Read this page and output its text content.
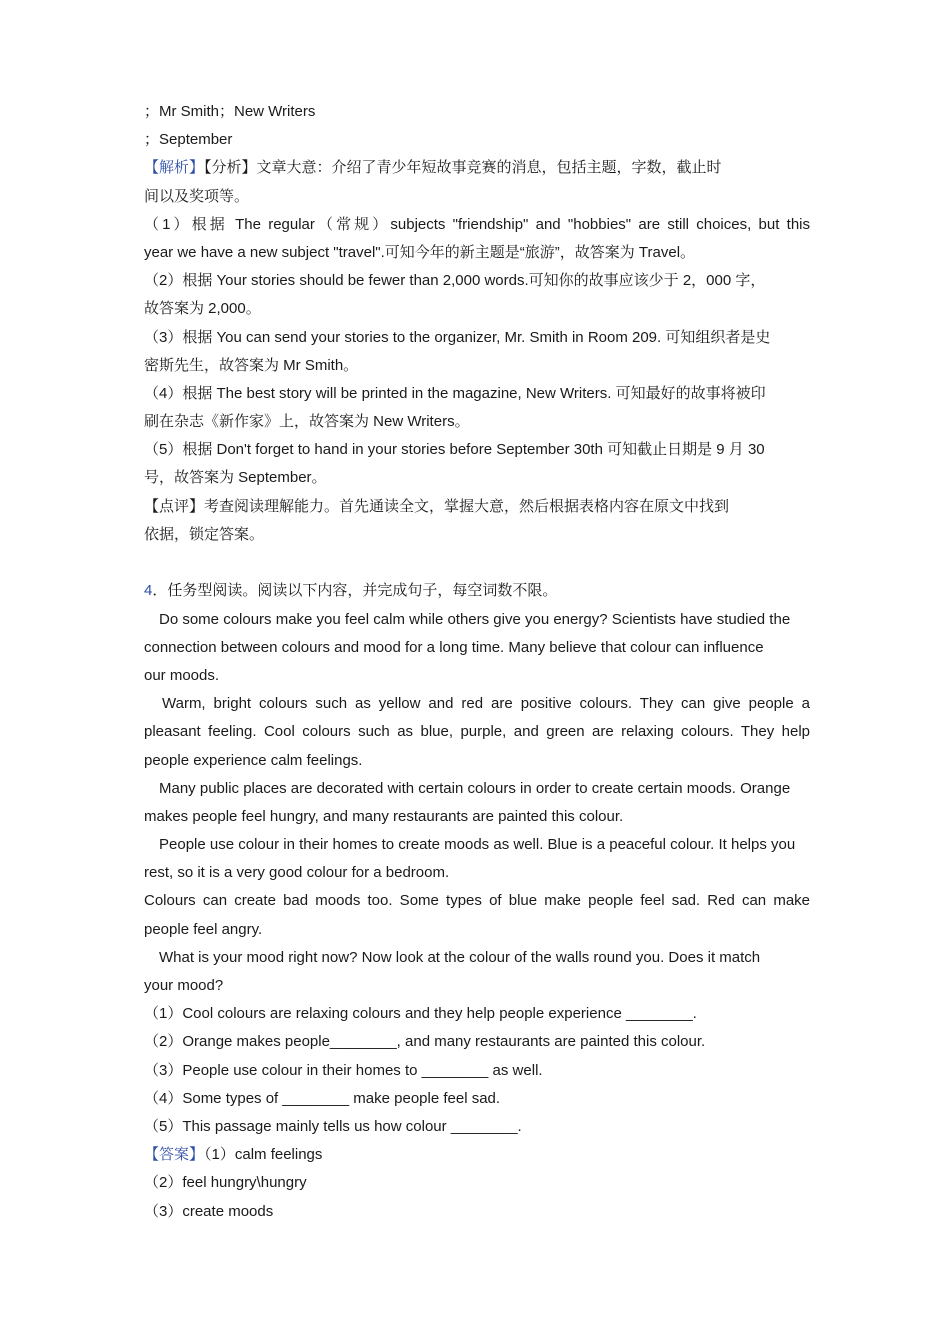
；Mr Smith；New Writers
；September
【解析】【分析】文章大意：介绍了青少年短故事竞赛的消息，包括主题，字数，截止时
间以及奖项等。
（1）根据 The regular（常规）subjects "friendship" and "hobbies" are still choices, but this
year we have a new subject "travel".可知今年的新主题是“旅游”，故答案为 Travel。
（2）根据 Your stories should be fewer than 2,000 words.可知你的故事应该少于 2，000 字，
故答案为 2,000。
（3）根据 You can send your stories to the organizer, Mr. Smith in Room 209. 可知组织者是史
密斯先生，故答案为 Mr Smith。
（4）根据 The best story will be printed in the magazine, New Writers. 可知最好的故事将被印
刷在杂志《新作家》上，故答案为 New Writers。
（5）根据 Don't forget to hand in your stories before September 30th 可知截止日期是 9 月 30
号，故答案为 September。
【点评】考查阅读理解能力。首先通读全文，掌握大意，然后根据表格内容在原文中找到
依据，锁定答案。
4．任务型阅读。阅读以下内容，并完成句子，每空词数不限。
Do some colours make you feel calm while others give you energy? Scientists have studied the
connection between colours and mood for a long time. Many believe that colour can influence
our moods.
Warm, bright colours such as yellow and red are positive colours. They can give people a
pleasant feeling. Cool colours such as blue, purple, and green are relaxing colours. They help
people experience calm feelings.
Many public places are decorated with certain colours in order to create certain moods. Orange
makes people feel hungry, and many restaurants are painted this colour.
People use colour in their homes to create moods as well. Blue is a peaceful colour. It helps you
rest, so it is a very good colour for a bedroom.
Colours can create bad moods too. Some types of blue make people feel sad. Red can make
people feel angry.
What is your mood right now? Now look at the colour of the walls round you. Does it match
your mood?
（1）Cool colours are relaxing colours and they help people experience ________.
（2）Orange makes people________, and many restaurants are painted this colour.
（3）People use colour in their homes to ________ as well.
（4）Some types of ________ make people feel sad.
（5）This passage mainly tells us how colour ________.
【答案】（1）calm feelings
（2）feel hungry\hungry
（3）create moods
